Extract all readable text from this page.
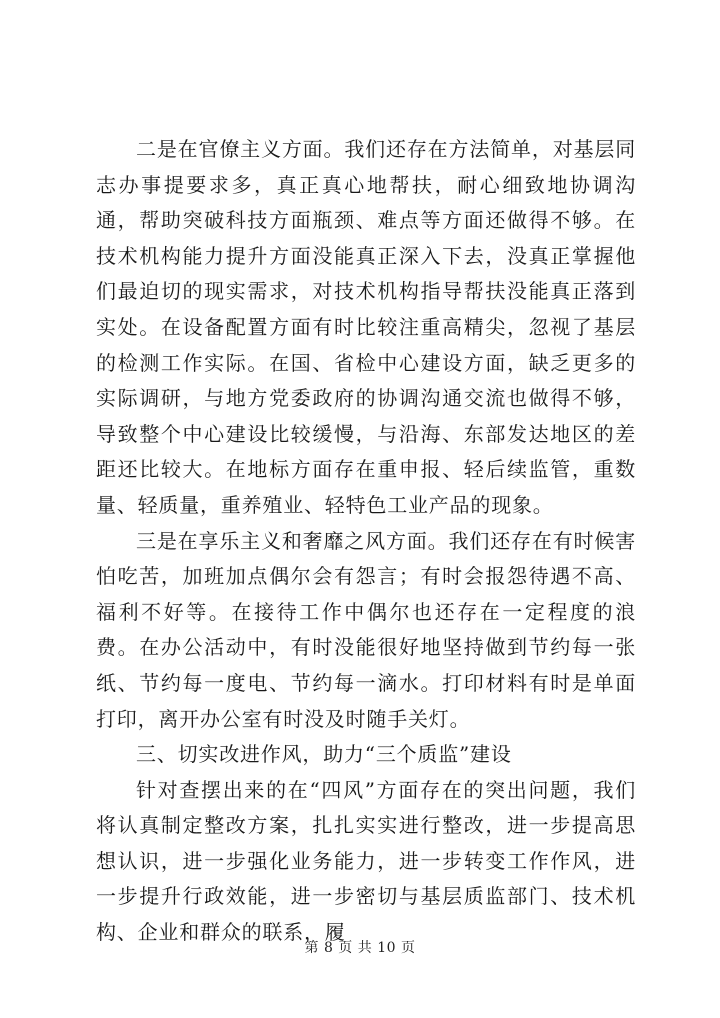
二是在官僚主义方面。我们还存在方法简单，对基层同志办事提要求多，真正真心地帮扶，耐心细致地协调沟通，帮助突破科技方面瓶颈、难点等方面还做得不够。在技术机构能力提升方面没能真正深入下去，没真正掌握他们最迫切的现实需求，对技术机构指导帮扶没能真正落到实处。在设备配置方面有时比较注重高精尖，忽视了基层的检测工作实际。在国、省检中心建设方面，缺乏更多的实际调研，与地方党委政府的协调沟通交流也做得不够，导致整个中心建设比较缓慢，与沿海、东部发达地区的差距还比较大。在地标方面存在重申报、轻后续监管，重数量、轻质量，重养殖业、轻特色工业产品的现象。

三是在享乐主义和奢靡之风方面。我们还存在有时候害怕吃苦，加班加点偶尔会有怨言；有时会报怨待遇不高、福利不好等。在接待工作中偶尔也还存在一定程度的浪费。在办公活动中，有时没能很好地坚持做到节约每一张纸、节约每一度电、节约每一滴水。打印材料有时是单面打印，离开办公室有时没及时随手关灯。

三、切实改进作风，助力“三个质监”建设

针对查摆出来的在“四风”方面存在的突出问题，我们将认真制定整改方案，扎扎实实进行整改，进一步提高思想认识，进一步强化业务能力，进一步转变工作作风，进一步提升行政效能，进一步密切与基层质监部门、技术机构、企业和群众的联系，履

第 8 页 共 10 页
